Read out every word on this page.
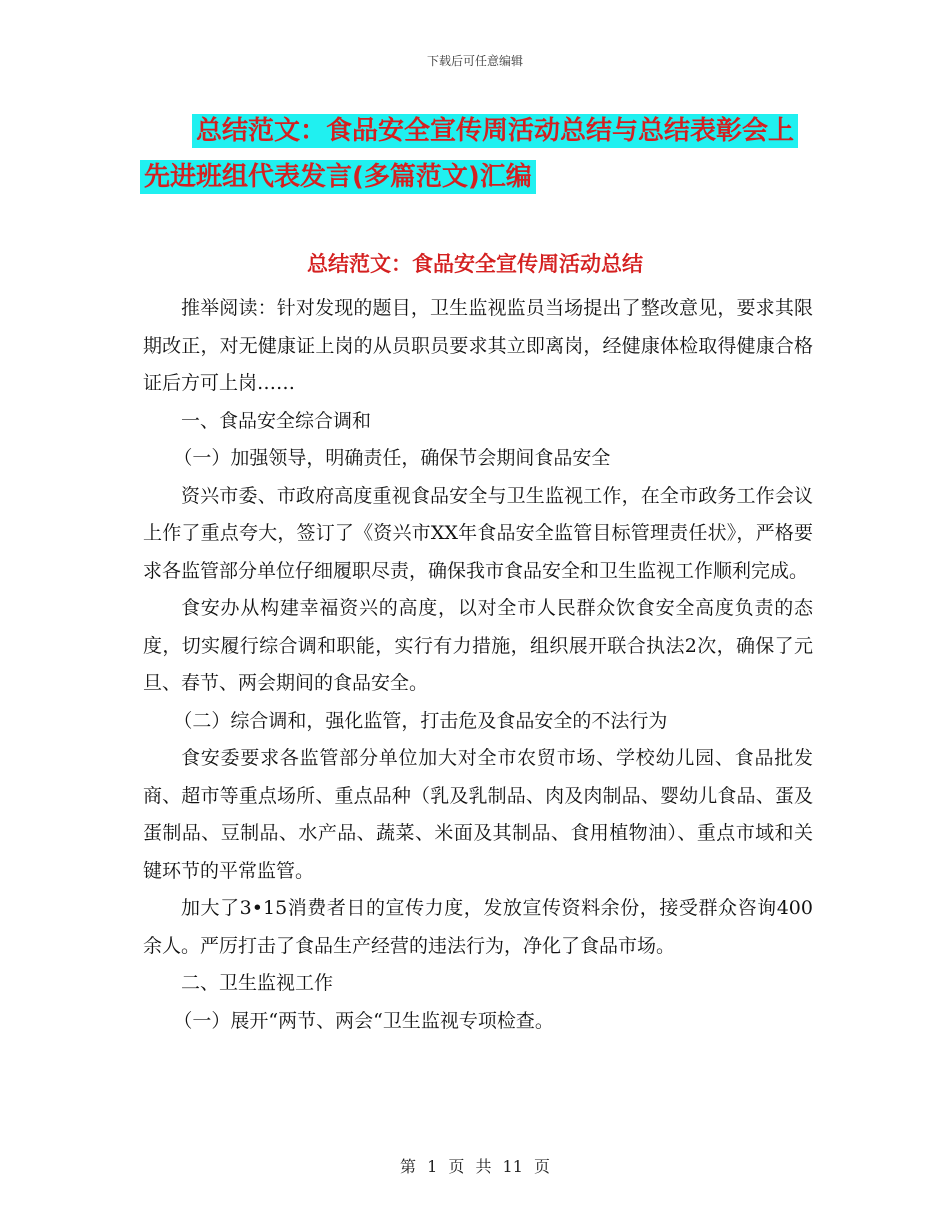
下载后可任意编辑
总结范文：食品安全宣传周活动总结与总结表彰会上
先进班组代表发言(多篇范文)汇编
总结范文：食品安全宣传周活动总结

推举阅读：针对发现的题目，卫生监视监员当场提出了整改意见，要求其限期改正，对无健康证上岗的从员职员要求其立即离岗，经健康体检取得健康合格证后方可上岗……

一、食品安全综合调和

（一）加强领导，明确责任，确保节会期间食品安全

资兴市委、市政府高度重视食品安全与卫生监视工作，在全市政务工作会议上作了重点夸大，签订了《资兴市XX年食品安全监管目标管理责任状》，严格要求各监管部分单位仔细履职尽责，确保我市食品安全和卫生监视工作顺利完成。

食安办从构建幸福资兴的高度，以对全市人民群众饮食安全高度负责的态度，切实履行综合调和职能，实行有力措施，组织展开联合执法2次，确保了元旦、春节、两会期间的食品安全。

（二）综合调和，强化监管，打击危及食品安全的不法行为

食安委要求各监管部分单位加大对全市农贸市场、学校幼儿园、食品批发商、超市等重点场所、重点品种（乳及乳制品、肉及肉制品、婴幼儿食品、蛋及蛋制品、豆制品、水产品、蔬菜、米面及其制品、食用植物油）、重点市域和关键环节的平常监管。

加大了3•15消费者日的宣传力度，发放宣传资料余份，接受群众咨询400余人。严厉打击了食品生产经营的违法行为，净化了食品市场。

二、卫生监视工作

（一）展开“两节、两会“卫生监视专项检查。

第 1 页 共 11 页
